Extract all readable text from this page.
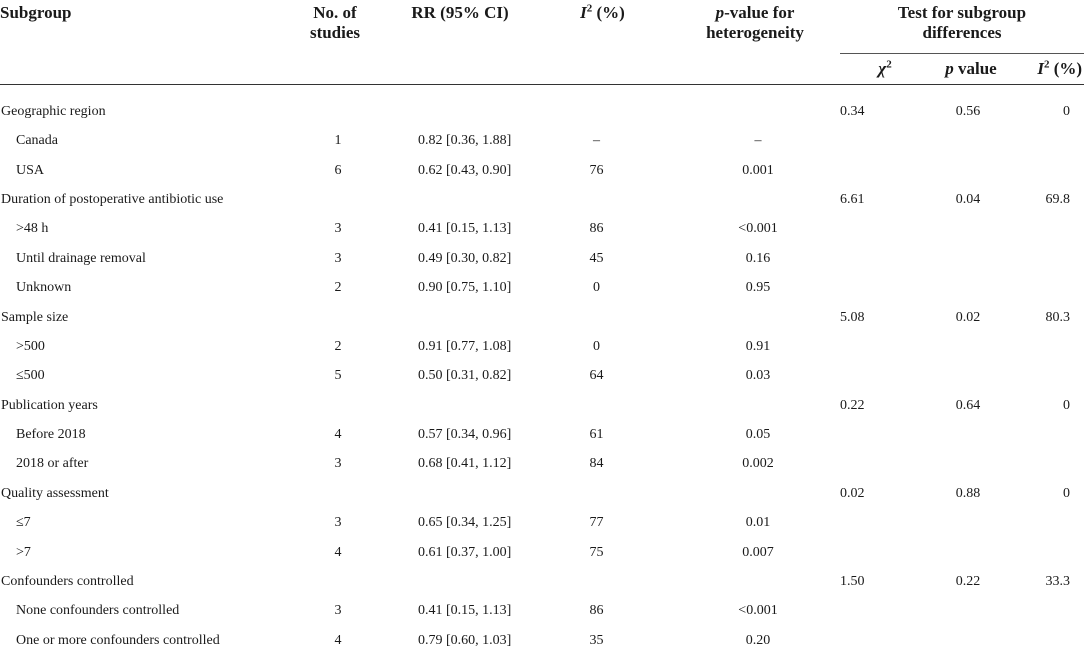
Subgroup	No. of studies	RR (95% CI)	$I^2$ (%)	p-value for heterogeneity	Test for subgroup differences		

					$\chi^2$	p value	$I^2$ (%)
Geographic region					0.34	0.56	0
Canada	1	0.82 [0.36, 1.88]	–	–			
USA	6	0.62 [0.43, 0.90]	76	0.001			
Duration of postoperative antibiotic use					6.61	0.04	69.8
>48 h	3	0.41 [0.15, 1.13]	86	<0.001			
Until drainage removal	3	0.49 [0.30, 0.82]	45	0.16			
Unknown	2	0.90 [0.75, 1.10]	0	0.95			
Sample size					5.08	0.02	80.3
>500	2	0.91 [0.77, 1.08]	0	0.91			
≤500	5	0.50 [0.31, 0.82]	64	0.03			
Publication years					0.22	0.64	0
Before 2018	4	0.57 [0.34, 0.96]	61	0.05			
2018 or after	3	0.68 [0.41, 1.12]	84	0.002			
Quality assessment					0.02	0.88	0
≤7	3	0.65 [0.34, 1.25]	77	0.01			
>7	4	0.61 [0.37, 1.00]	75	0.007			
Confounders controlled					1.50	0.22	33.3
None confounders controlled	3	0.41 [0.15, 1.13]	86	<0.001			
One or more confounders controlled	4	0.79 [0.60, 1.03]	35	0.20			
